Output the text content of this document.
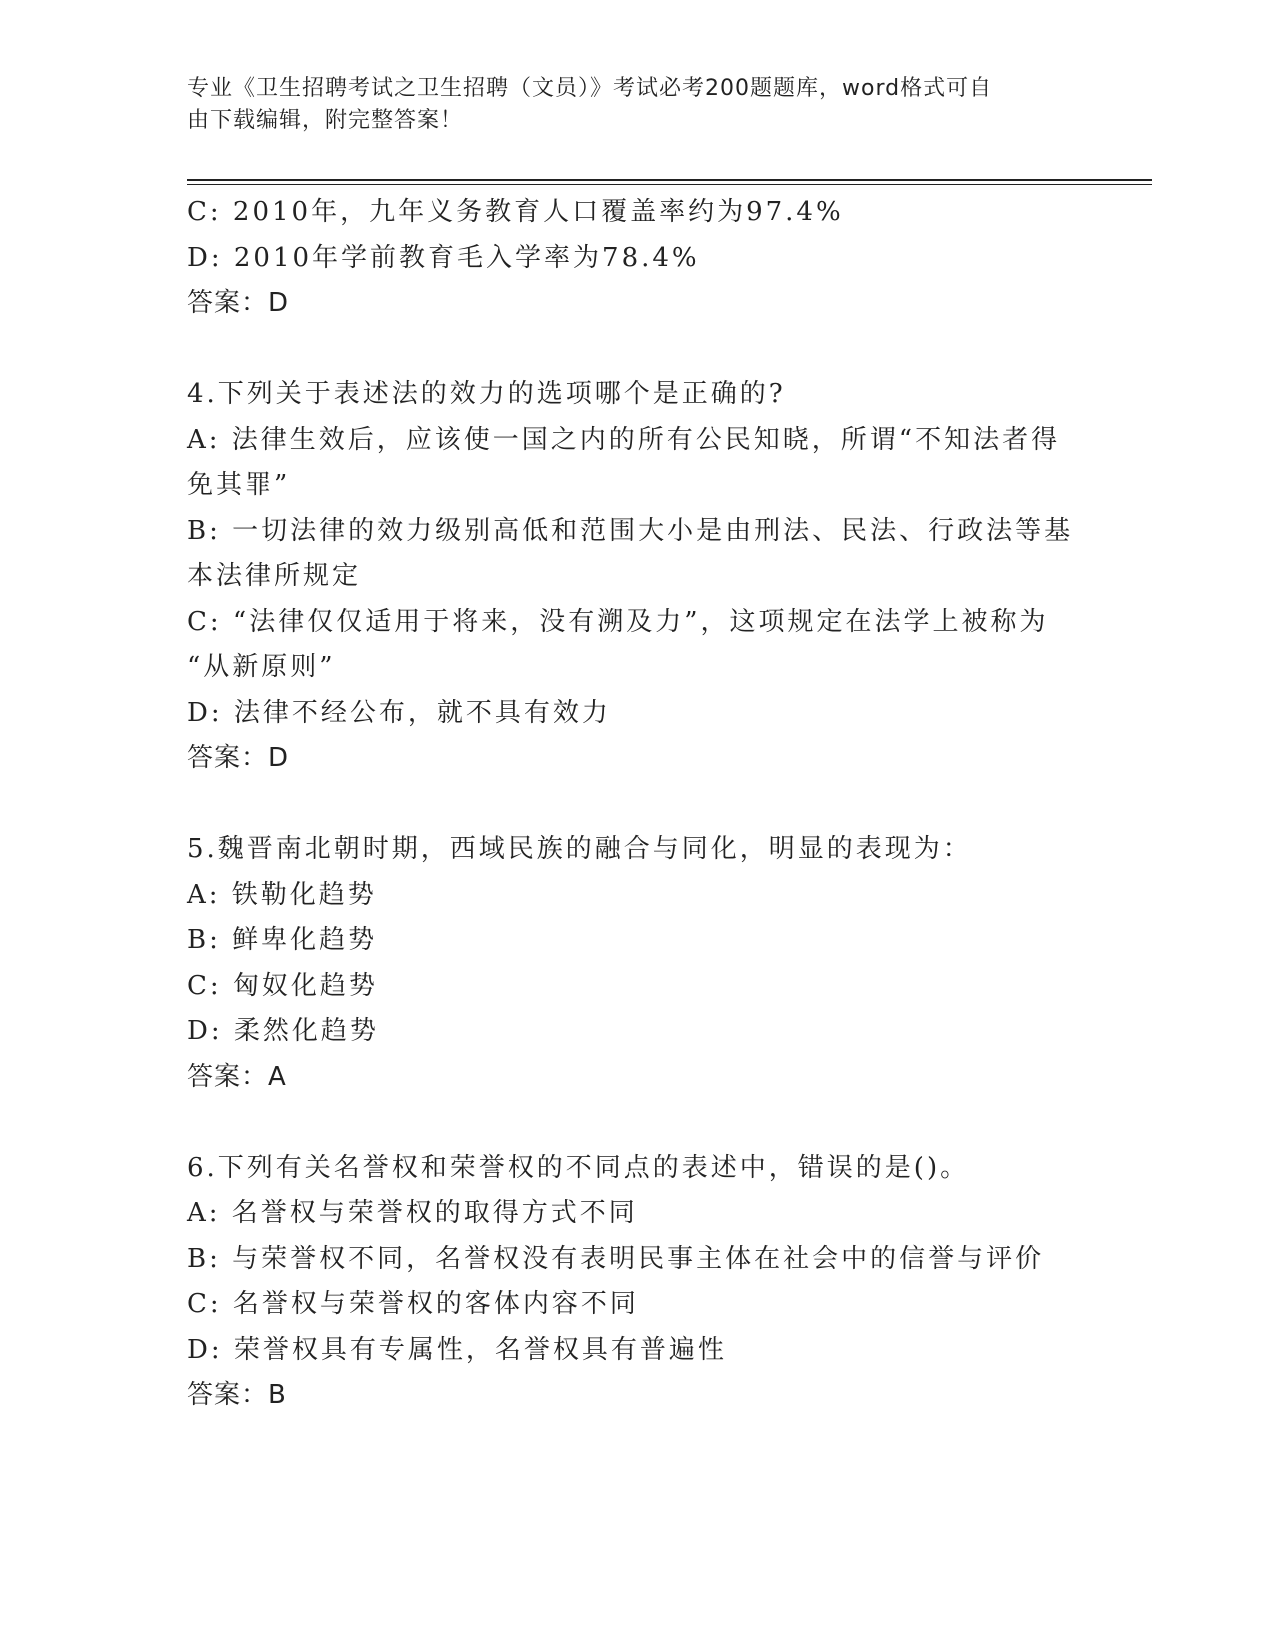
专业《卫生招聘考试之卫生招聘（文员）》考试必考200题题库，word格式可自
由下载编辑，附完整答案！

C: 2010年，九年义务教育人口覆盖率约为97.4%

D: 2010年学前教育毛入学率为78.4%

答案：D

4.下列关于表述法的效力的选项哪个是正确的?

A: 法律生效后，应该使一国之内的所有公民知晓，所谓“不知法者得

免其罪”

B: 一切法律的效力级别高低和范围大小是由刑法、民法、行政法等基

本法律所规定

C: “法律仅仅适用于将来，没有溯及力”，这项规定在法学上被称为

“从新原则”

D: 法律不经公布，就不具有效力

答案：D

5.魏晋南北朝时期，西域民族的融合与同化，明显的表现为：

A: 铁勒化趋势

B: 鲜卑化趋势

C: 匈奴化趋势

D: 柔然化趋势

答案：A

6.下列有关名誉权和荣誉权的不同点的表述中，错误的是()。

A: 名誉权与荣誉权的取得方式不同

B: 与荣誉权不同，名誉权没有表明民事主体在社会中的信誉与评价

C: 名誉权与荣誉权的客体内容不同

D: 荣誉权具有专属性，名誉权具有普遍性

答案：B
